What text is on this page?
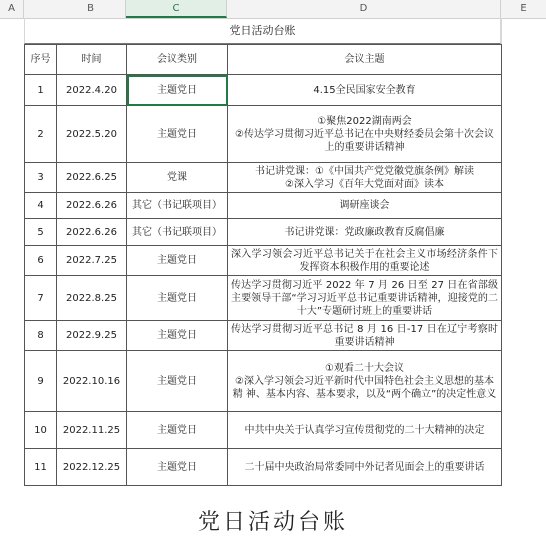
A	B	C	D	E
党日活动台账
序号	时间	会议类别	会议主题
1	2022.4.20	主题党日	4.15全民国家安全教育
2	2022.5.20	主题党日	①聚焦2022湖南两会
②传达学习贯彻习近平总书记在中央财经委员会第十次会议上的重要讲话精神
3	2022.6.25	党课	书记讲党课：①《中国共产党党徽党旗条例》解读
②深入学习《百年大党面对面》读本
4	2022.6.26	其它（书记联项目）	调研座谈会
5	2022.6.26	其它（书记联项目）	书记讲党课：党政廉政教育反腐倡廉
6	2022.7.25	主题党日	深入学习领会习近平总书记关于在社会主义市场经济条件下发挥资本积极作用的重要论述
7	2022.8.25	主题党日	传达学习贯彻习近平 2022 年 7 月 26 日至 27 日在省部级主要领导干部“学习习近平总书记重要讲话精神，迎接党的二十大”专题研讨班上的重要讲话
8	2022.9.25	主题党日	传达学习贯彻习近平总书记 8 月 16 日-17 日在辽宁考察时重要讲话精神
9	2022.10.16	主题党日	①观看二十大会议
②深入学习领会习近平新时代中国特色社会主义思想的基本精 神、基本内容、基本要求，以及“两个确立”的决定性意义
10	2022.11.25	主题党日	中共中央关于认真学习宣传贯彻党的二十大精神的决定
11	2022.12.25	主题党日	二十届中央政治局常委同中外记者见面会上的重要讲话
党日活动台账
